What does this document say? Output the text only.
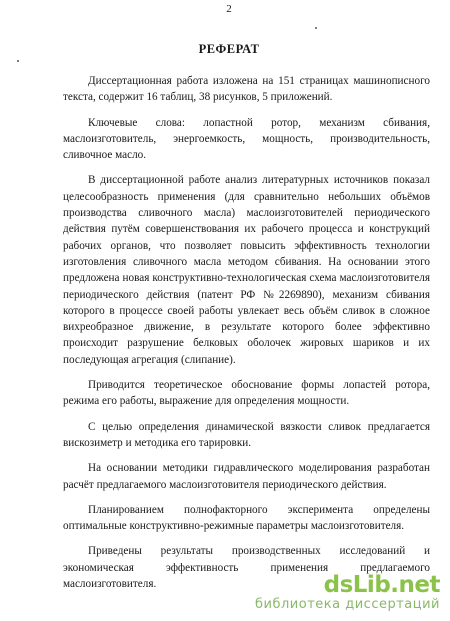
2
РЕФЕРАТ

Диссертационная работа изложена на 151 страницах машинописного текста, содержит 16 таблиц, 38 рисунков, 5 приложений.

Ключевые слова: лопастной ротор, механизм сбивания, маслоизготовитель, энергоемкость, мощность, производительность, сливочное масло.

В диссертационной работе анализ литературных источников показал целесообразность применения (для сравнительно небольших объёмов производства сливочного масла) маслоизготовителей периодического действия путём совершенствования их рабочего процесса и конструкций рабочих органов, что позволяет повысить эффективность технологии изготовления сливочного масла методом сбивания. На основании этого предложена новая конструктивно-технологическая схема маслоизготовителя периодического действия (патент РФ №2269890), механизм сбивания которого в процессе своей работы увлекает весь объём сливок в сложное вихреобразное движение, в результате которого более эффективно происходит разрушение белковых оболочек жировых шариков и их последующая агрегация (слипание).

Приводится теоретическое обоснование формы лопастей ротора, режима его работы, выражение для определения мощности.

С целью определения динамической вязкости сливок предлагается вискозиметр и методика его тарировки.

На основании методики гидравлического моделирования разработан расчёт предлагаемого маслоизготовителя периодического действия.

Планированием полнофакторного эксперимента определены оптимальные конструктивно-режимные параметры маслоизготовителя.

Приведены результаты производственных исследований и экономическая эффективность применения предлагаемого маслоизготовителя.	dsLib.net
библиотека диссертаций
